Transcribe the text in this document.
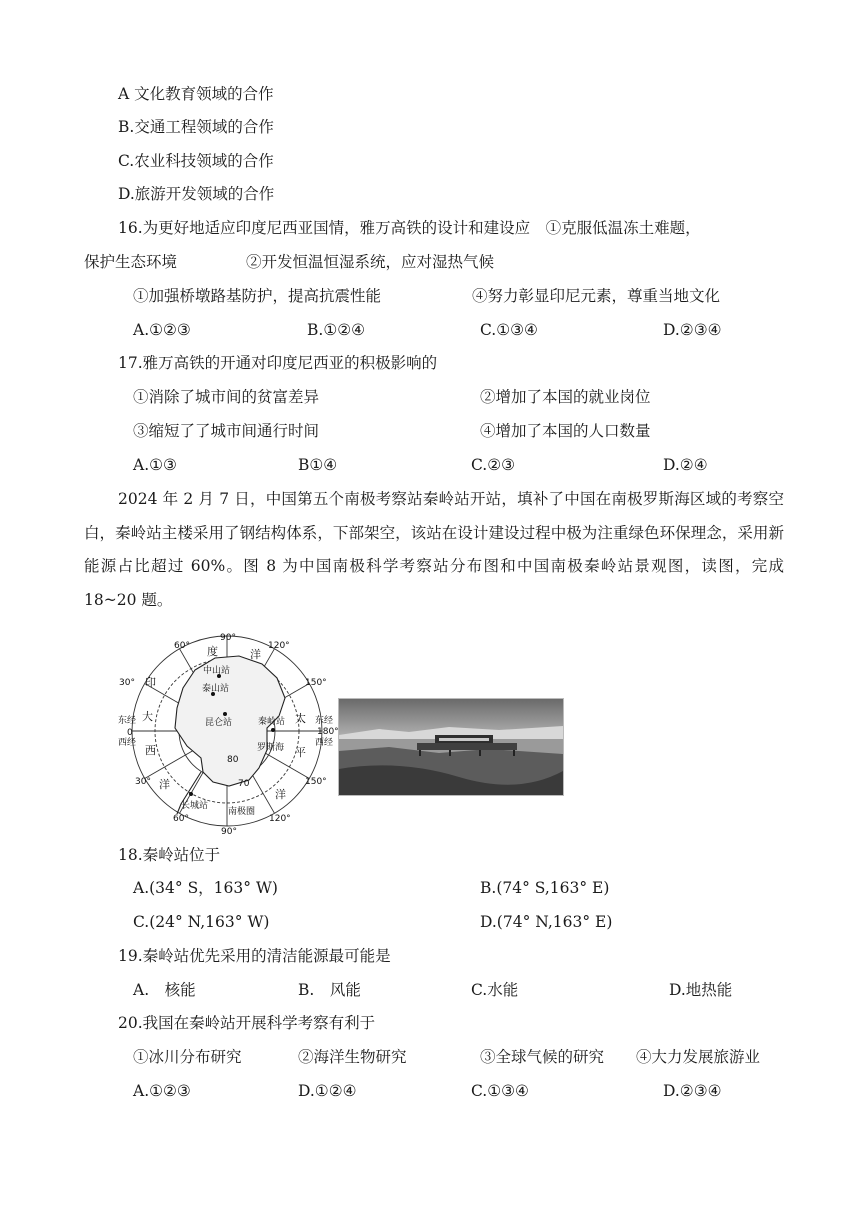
A 文化教育领域的合作
B.交通工程领域的合作
C.农业科技领域的合作
D.旅游开发领域的合作
16.为更好地适应印度尼西亚国情，雅万高铁的设计和建设应　①克服低温冻土难题，
保护生态环境	②开发恒温恒湿系统，应对湿热气候
①加强桥墩路基防护，提高抗震性能	④努力彰显印尼元素，尊重当地文化
A.①②③	B.①②④	C.①③④	D.②③④
17.雅万高铁的开通对印度尼西亚的积极影响的
①消除了城市间的贫富差异	②增加了本国的就业岗位
③缩短了了城市间通行时间	④增加了本国的人口数量
A.①③	B①④	C.②③	D.②④
2024 年 2 月 7 日，中国第五个南极考察站秦岭站开站，填补了中国在南极罗斯海区域的考察空白，秦岭站主楼采用了钢结构体系，下部架空，该站在设计建设过程中极为注重绿色环保理念，采用新能源占比超过 60%。图 8 为中国南极科学考察站分布图和中国南极秦岭站景观图，读图，完成 18~20 题。
90°
60°	120°
30°	150°
东经
0
西经
东经
180°
西经
30°	150°
60°
90°
120°
80
70
度	洋
印
大
西
洋
太
平
洋
中山站
泰山站
昆仑站	秦岭站
罗斯海
长城站
南极圈
18.秦岭站位于
A.(34° S，163° W)	B.(74° S,163° E)
C.(24° N,163° W)	D.(74° N,163° E)
19.秦岭站优先采用的清洁能源最可能是
A.　核能	B.　风能	C.水能	D.地热能
20.我国在秦岭站开展科学考察有利于
①冰川分布研究	②海洋生物研究	③全球气候的研究 ④大力发展旅游业
A.①②③	D.①②④	C.①③④	D.②③④
